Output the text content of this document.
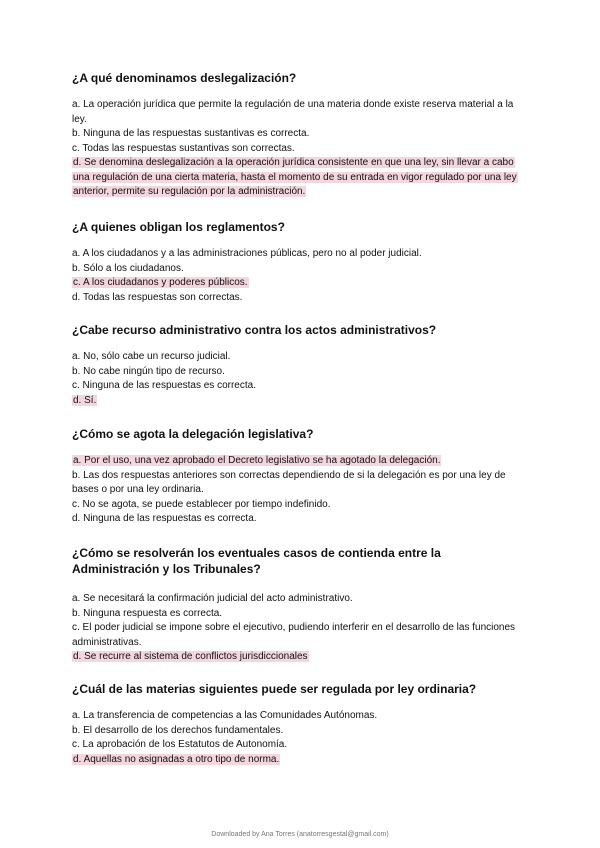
¿A qué denominamos deslegalización?

a. La operación jurídica que permite la regulación de una materia donde existe reserva material a la ley.

b. Ninguna de las respuestas sustantivas es correcta.

c. Todas las respuestas sustantivas son correctas.

d. Se denomina deslegalización a la operación jurídica consistente en que una ley, sin llevar a cabo una regulación de una cierta materia, hasta el momento de su entrada en vigor regulado por una ley anterior, permite su regulación por la administración.

¿A quienes obligan los reglamentos?

a. A los ciudadanos y a las administraciones públicas, pero no al poder judicial.

b. Sólo a los ciudadanos.

c. A los ciudadanos y poderes públicos.

d. Todas las respuestas son correctas.

¿Cabe recurso administrativo contra los actos administrativos?

a. No, sólo cabe un recurso judicial.

b. No cabe ningún tipo de recurso.

c. Ninguna de las respuestas es correcta.

d. Sí.

¿Cómo se agota la delegación legislativa?

a. Por el uso, una vez aprobado el Decreto legislativo se ha agotado la delegación.

b. Las dos respuestas anteriores son correctas dependiendo de si la delegación es por una ley de bases o por una ley ordinaria.

c. No se agota, se puede establecer por tiempo indefinido.

d. Ninguna de las respuestas es correcta.

¿Cómo se resolverán los eventuales casos de contienda entre la Administración y los Tribunales?

a. Se necesitará la confirmación judicial del acto administrativo.

b. Ninguna respuesta es correcta.

c. El poder judicial se impone sobre el ejecutivo, pudiendo interferir en el desarrollo de las funciones administrativas.

d. Se recurre al sistema de conflictos jurisdiccionales

¿Cuál de las materias siguientes puede ser regulada por ley ordinaria?

a. La transferencia de competencias a las Comunidades Autónomas.

b. El desarrollo de los derechos fundamentales.

c. La aprobación de los Estatutos de Autonomía.

d. Aquellas no asignadas a otro tipo de norma.

Downloaded by Ana Torres (anatorresgestal@gmail.com)
